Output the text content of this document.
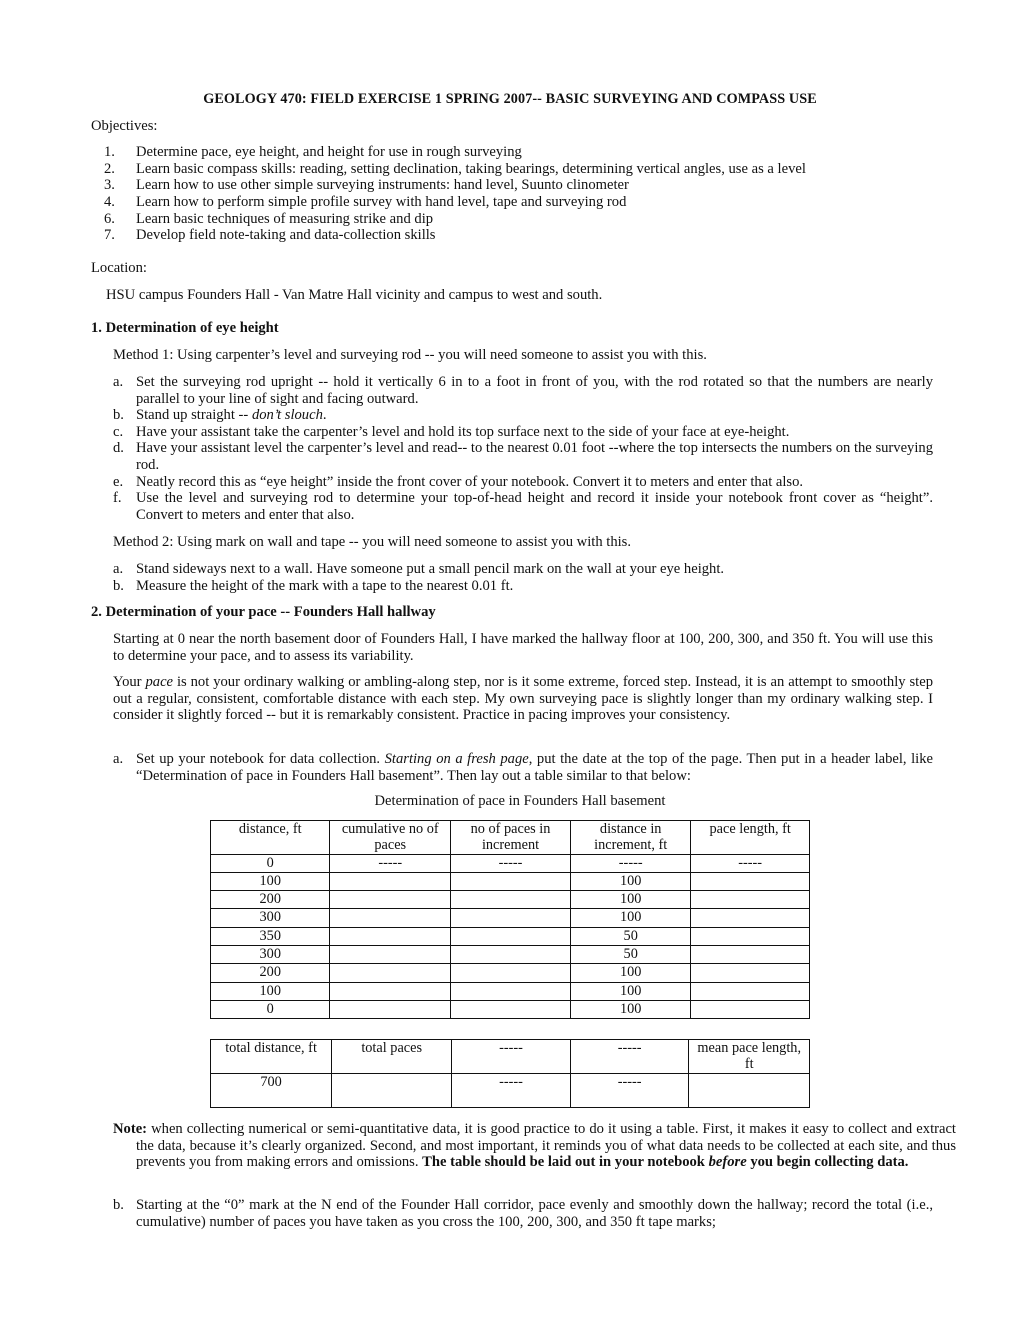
GEOLOGY 470: FIELD EXERCISE 1 SPRING 2007-- BASIC SURVEYING AND COMPASS USE
Objectives:
1.	Determine pace, eye height, and height for use in rough surveying
2.	Learn basic compass skills: reading, setting declination, taking bearings, determining vertical angles, use as a level
3.	Learn how to use other simple surveying instruments: hand level, Suunto clinometer
4.	Learn how to perform simple profile survey with hand level, tape and surveying rod
6.	Learn basic techniques of measuring strike and dip
7.	Develop field note-taking and data-collection skills
Location:
HSU campus Founders Hall - Van Matre Hall vicinity and campus to west and south.
1. Determination of eye height
Method 1: Using carpenter’s level and surveying rod -- you will need someone to assist you with this.
a. Set the surveying rod upright -- hold it vertically 6 in to a foot in front of you, with the rod rotated so that the numbers are nearly parallel to your line of sight and facing outward.
b. Stand up straight -- don’t slouch.
c. Have your assistant take the carpenter’s level and hold its top surface next to the side of your face at eye-height.
d. Have your assistant level the carpenter’s level and read-- to the nearest 0.01 foot --where the top intersects the numbers on the surveying rod.
e. Neatly record this as “eye height” inside the front cover of your notebook. Convert it to meters and enter that also.
f. Use the level and surveying rod to determine your top-of-head height and record it inside your notebook front cover as “height”. Convert to meters and enter that also.
Method 2: Using mark on wall and tape -- you will need someone to assist you with this.
a. Stand sideways next to a wall. Have someone put a small pencil mark on the wall at your eye height.
b. Measure the height of the mark with a tape to the nearest 0.01 ft.
2. Determination of your pace -- Founders Hall hallway
Starting at 0 near the north basement door of Founders Hall, I have marked the hallway floor at 100, 200, 300, and 350 ft. You will use this to determine your pace, and to assess its variability.
Your pace is not your ordinary walking or ambling-along step, nor is it some extreme, forced step. Instead, it is an attempt to smoothly step out a regular, consistent, comfortable distance with each step. My own surveying pace is slightly longer than my ordinary walking step. I consider it slightly forced -- but it is remarkably consistent. Practice in pacing improves your consistency.
a. Set up your notebook for data collection. Starting on a fresh page, put the date at the top of the page. Then put in a header label, like “Determination of pace in Founders Hall basement”. Then lay out a table similar to that below:
Determination of pace in Founders Hall basement
distance, ft	cumulative no of paces	no of paces in increment	distance in increment, ft	pace length, ft
0	-----	-----	-----	-----
100			100	
200			100	
300			100	
350			50	
300			50	
200			100	
100			100	
0			100	
total distance, ft	total paces	-----	-----	mean pace length, ft
700		-----	-----	
Note: when collecting numerical or semi-quantitative data, it is good practice to do it using a table. First, it makes it easy to collect and extract the data, because it’s clearly organized. Second, and most important, it reminds you of what data needs to be collected at each site, and thus prevents you from making errors and omissions. The table should be laid out in your notebook before you begin collecting data.
b. Starting at the “0” mark at the N end of the Founder Hall corridor, pace evenly and smoothly down the hallway; record the total (i.e., cumulative) number of paces you have taken as you cross the 100, 200, 300, and 350 ft tape marks;
